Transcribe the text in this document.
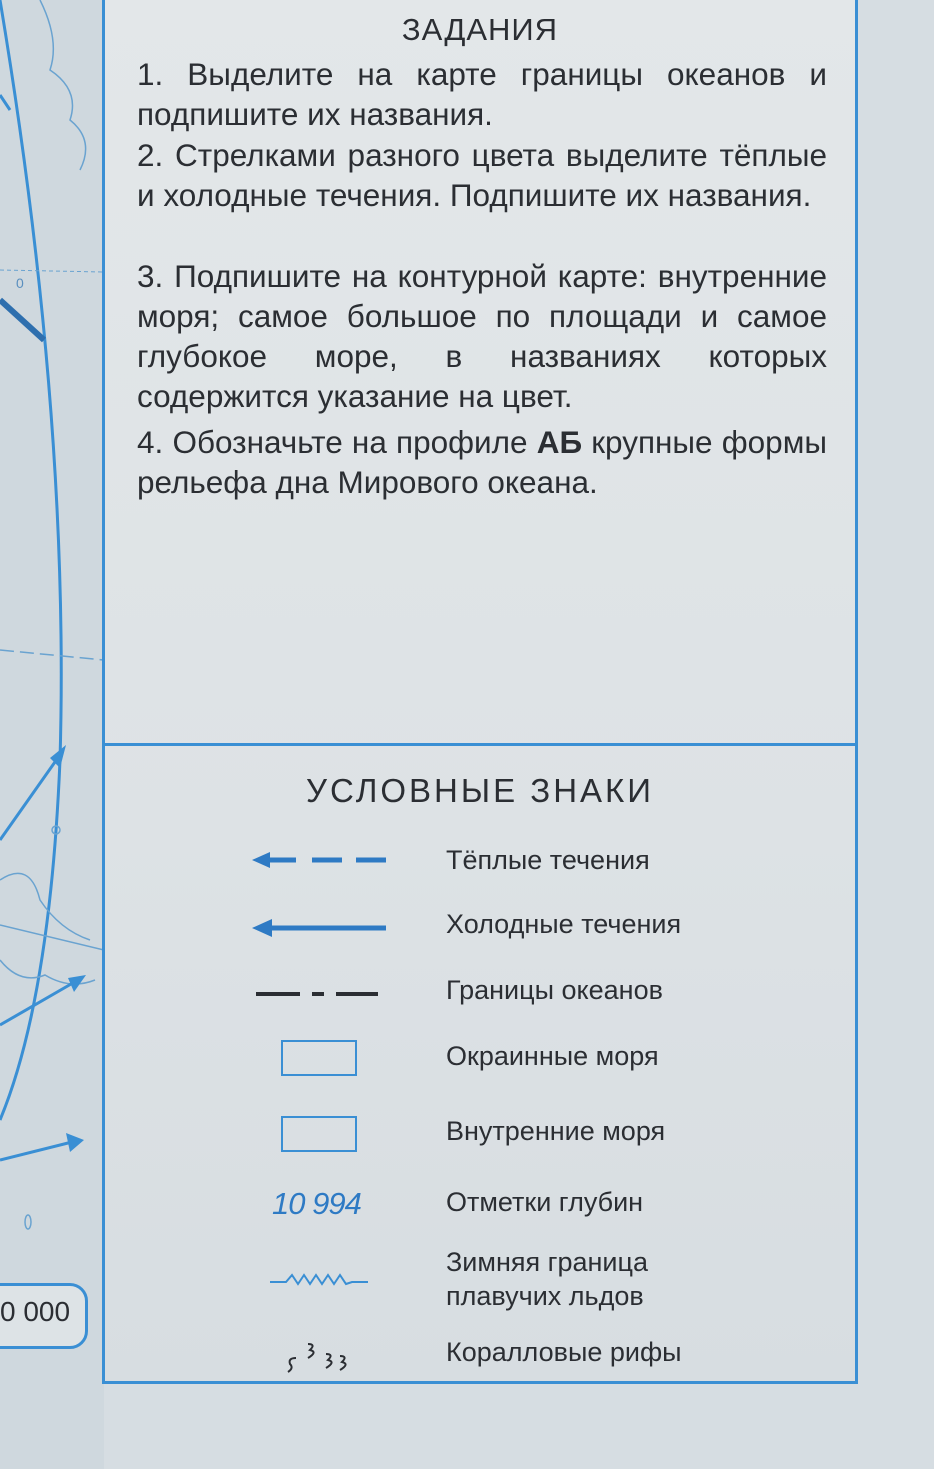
0
0 000
ЗАДАНИЯ
1. Выделите на карте границы океанов и подпишите их названия.
2. Стрелками разного цвета выделите тёплые и холодные течения. Подпишите их названия.
3. Подпишите на контурной карте: внутренние моря; самое большое по площади и самое глубокое море, в названиях которых содержится указание на цвет.
4. Обозначьте на профиле АБ крупные формы рельефа дна Мирового океана.
УСЛОВНЫЕ ЗНАКИ
Тёплые течения
Холодные течения
Границы океанов
Окраинные моря
Внутренние моря
10 994	Отметки глубин
Зимняя граница
плавучих льдов
Коралловые рифы
